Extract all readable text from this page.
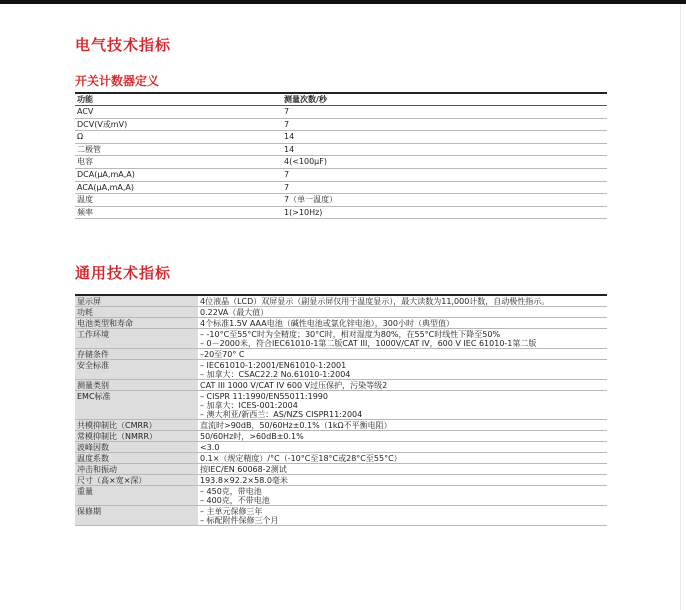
电气技术指标
开关计数器定义
功能	测量次数/秒
ACV	7
DCV(V或mV)	7
Ω	14
二极管	14
电容	4(<100µF)
DCA(µA,mA,A)	7
ACA(µA,mA,A)	7
温度	7（单一温度）
频率	1(>10Hz)
通用技术指标
显示屏	4位液晶（LCD）双屏显示（副显示屏仅用于温度显示），最大读数为11,000计数，自动极性指示。

功耗	0.22VA（最大值）

电池类型和寿命	4个标准1.5V AAA电池（碱性电池或氯化锌电池），300小时（典型值）

工作环境	– -10°C至55°C时为全精度；30°C时，相对湿度为80%，在55°C时线性下降至50%
– 0－2000米，符合IEC61010-1第二版CAT III，1000V/CAT IV，600 V IEC 61010-1第二版

存储条件	–20至70° C

安全标准	– IEC61010-1:2001/EN61010-1:2001
– 加拿大：CSAC22.2 No.61010-1:2004

测量类别	CAT III 1000 V/CAT IV 600 V过压保护，污染等级2

EMC标准	– CISPR 11:1990/EN55011:1990
– 加拿大：ICES-001:2004
– 澳大利亚/新西兰：AS/NZS CISPR11:2004

共模抑制比（CMRR）	直流时>90dB，50/60Hz±0.1%（1kΩ不平衡电阻）

常模抑制比（NMRR）	50/60Hz时，>60dB±0.1%

波峰因数	<3.0

温度系数	0.1×（规定精度）/°C（-10°C至18°C或28°C至55°C）

冲击和振动	按IEC/EN 60068-2测试

尺寸（高×宽×深）	193.8×92.2×58.0毫米

重量	– 450克，带电池
– 400克，不带电池

保修期	– 主单元保修三年
– 标配附件保修三个月
